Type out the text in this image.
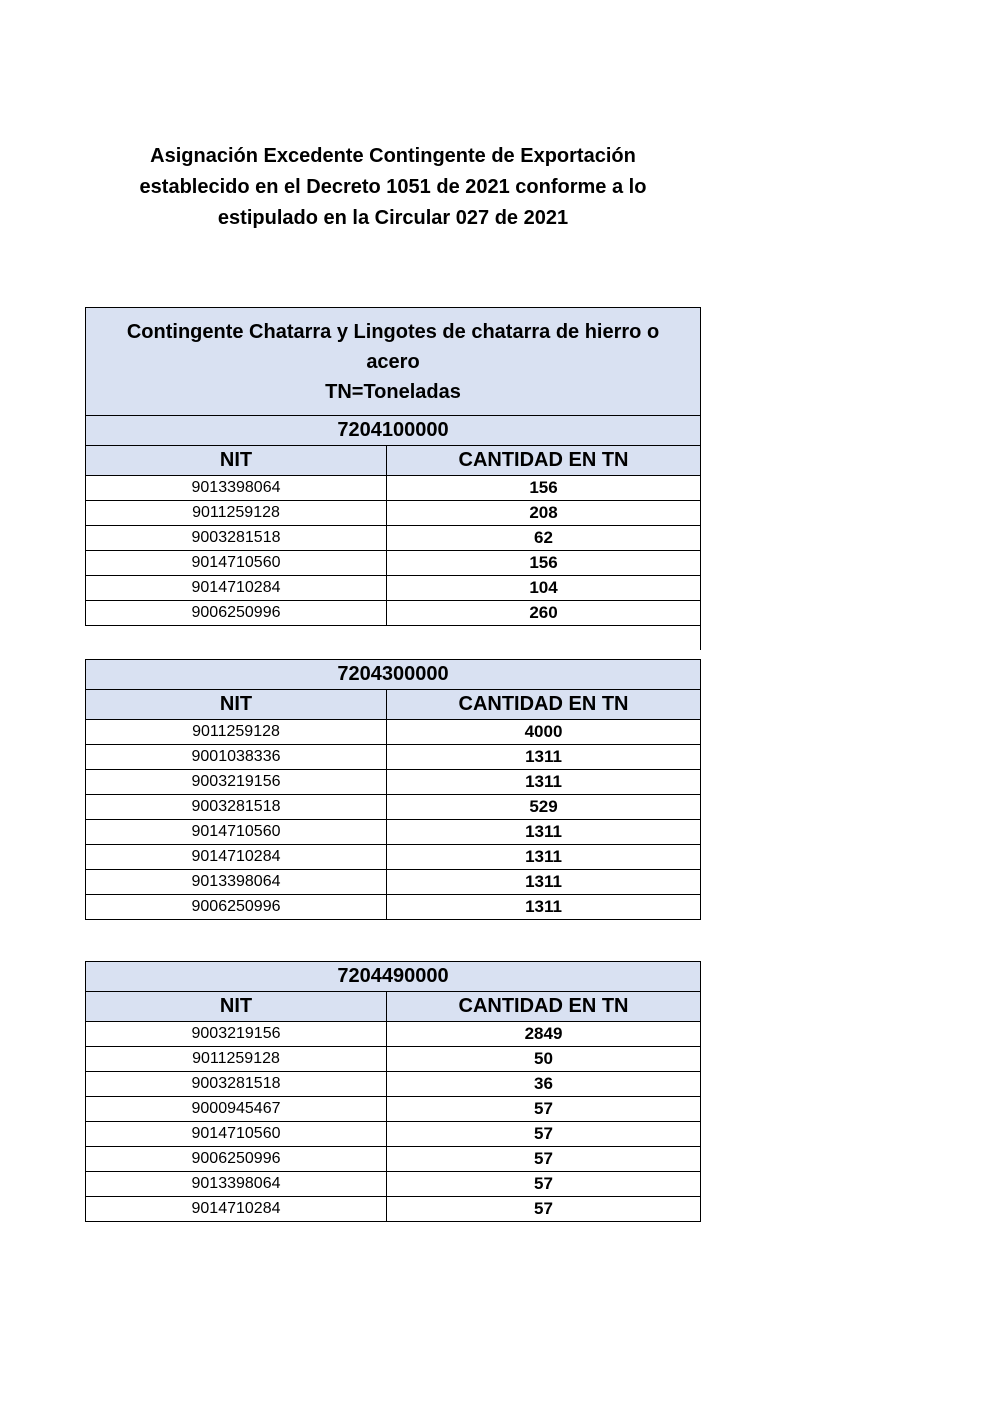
Asignación Excedente Contingente de Exportación
establecido en el Decreto 1051 de 2021 conforme a lo
estipulado en la Circular 027 de 2021
Contingente Chatarra y Lingotes de chatarra de hierro o
acero
TN=Toneladas	

7204100000	
NIT	CANTIDAD EN TN
9013398064	156
9011259128	208
9003281518	62
9014710560	156
9014710284	104
9006250996	260

7204300000	
NIT	CANTIDAD EN TN
9011259128	4000
9001038336	1311
9003219156	1311
9003281518	529
9014710560	1311
9014710284	1311
9013398064	1311
9006250996	1311
7204490000	
NIT	CANTIDAD EN TN
9003219156	2849
9011259128	50
9003281518	36
9000945467	57
9014710560	57
9006250996	57
9013398064	57
9014710284	57
